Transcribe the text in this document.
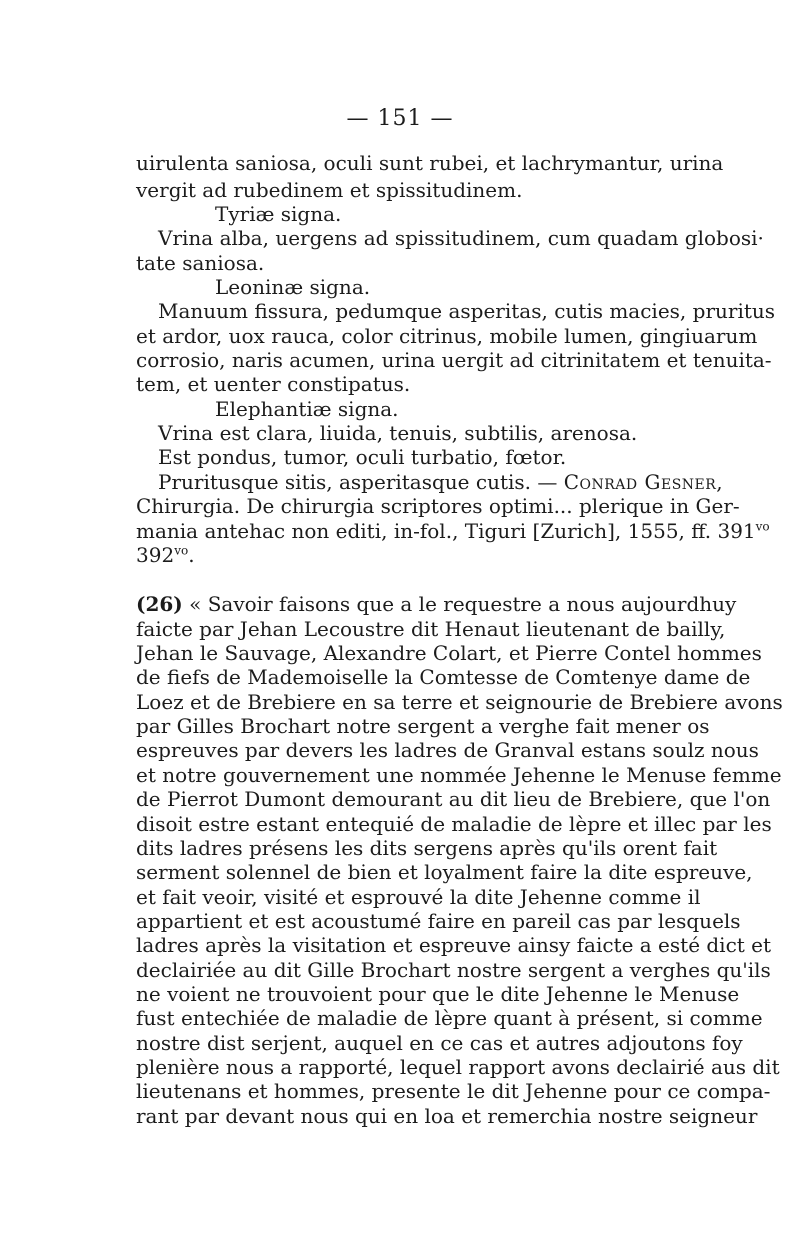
— 151 —
uirulenta saniosa, oculi sunt rubei, et lachrymantur, urina
vergit ad rubedinem et spissitudinem.
Tyriæ signa.
Vrina alba, uergens ad spissitudinem, cum quadam globosi·
tate saniosa.
Leoninæ signa.
Manuum fissura, pedumque asperitas, cutis macies, pruritus
et ardor, uox rauca, color citrinus, mobile lumen, gingiuarum
corrosio, naris acumen, urina uergit ad citrinitatem et tenuita-
tem, et uenter constipatus.
Elephantiæ signa.
Vrina est clara, liuida, tenuis, subtilis, arenosa.
Est pondus, tumor, oculi turbatio, fœtor.
Pruritusque sitis, asperitasque cutis. — Conrad Gesner,
Chirurgia. De chirurgia scriptores optimi... plerique in Ger-
mania antehac non editi, in-fol., Tiguri [Zurich], 1555, ff. $391^{vo}$
$392^{vo}$.
(26) « Savoir faisons que a le requestre a nous aujourdhuy
faicte par Jehan Lecoustre dit Henaut lieutenant de bailly,
Jehan le Sauvage, Alexandre Colart, et Pierre Contel hommes
de fiefs de Mademoiselle la Comtesse de Comtenye dame de
Loez et de Brebiere en sa terre et seignourie de Brebiere avons
par Gilles Brochart notre sergent a verghe fait mener os
espreuves par devers les ladres de Granval estans soulz nous
et notre gouvernement une nommée Jehenne le Menuse femme
de Pierrot Dumont demourant au dit lieu de Brebiere, que l'on
disoit estre estant entequié de maladie de lèpre et illec par les
dits ladres présens les dits sergens après qu'ils orent fait
serment solennel de bien et loyalment faire la dite espreuve,
et fait veoir, visité et esprouvé la dite Jehenne comme il
appartient et est acoustumé faire en pareil cas par lesquels
ladres après la visitation et espreuve ainsy faicte a esté dict et
declairiée au dit Gille Brochart nostre sergent a verghes qu'ils
ne voient ne trouvoient pour que le dite Jehenne le Menuse
fust entechiée de maladie de lèpre quant à présent, si comme
nostre dist serjent, auquel en ce cas et autres adjoutons foy
plenière nous a rapporté, lequel rapport avons declairié aus dit
lieutenans et hommes, presente le dit Jehenne pour ce compa-
rant par devant nous qui en loa et remerchia nostre seigneur
